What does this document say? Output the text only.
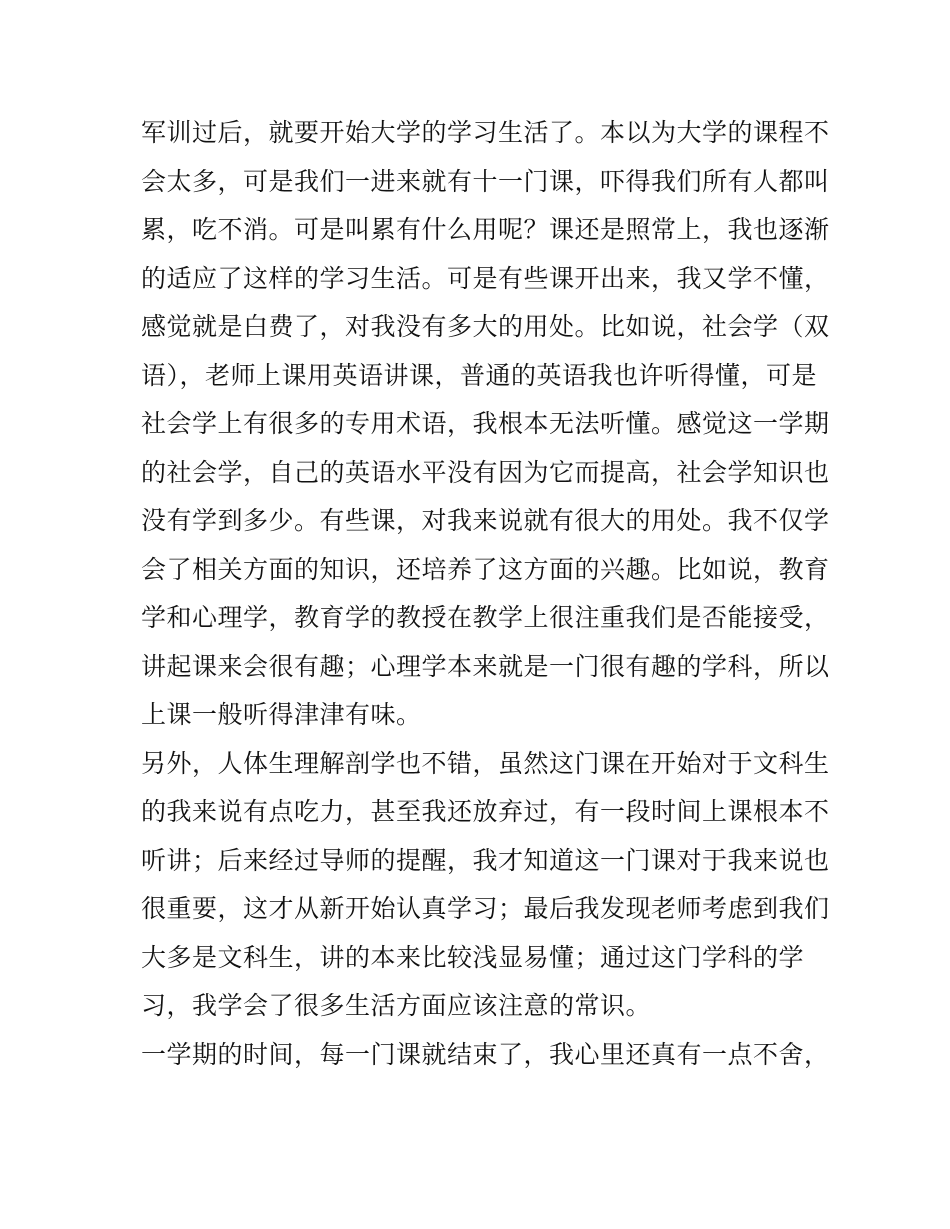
军训过后，就要开始大学的学习生活了。本以为大学的课程不
会太多，可是我们一进来就有十一门课，吓得我们所有人都叫
累，吃不消。可是叫累有什么用呢？课还是照常上，我也逐渐
的适应了这样的学习生活。可是有些课开出来，我又学不懂，
感觉就是白费了，对我没有多大的用处。比如说，社会学（双
语），老师上课用英语讲课，普通的英语我也许听得懂，可是
社会学上有很多的专用术语，我根本无法听懂。感觉这一学期
的社会学，自己的英语水平没有因为它而提高，社会学知识也
没有学到多少。有些课，对我来说就有很大的用处。我不仅学
会了相关方面的知识，还培养了这方面的兴趣。比如说，教育
学和心理学，教育学的教授在教学上很注重我们是否能接受，
讲起课来会很有趣；心理学本来就是一门很有趣的学科，所以
上课一般听得津津有味。
另外，人体生理解剖学也不错，虽然这门课在开始对于文科生
的我来说有点吃力，甚至我还放弃过，有一段时间上课根本不
听讲；后来经过导师的提醒，我才知道这一门课对于我来说也
很重要，这才从新开始认真学习；最后我发现老师考虑到我们
大多是文科生，讲的本来比较浅显易懂；通过这门学科的学
习，我学会了很多生活方面应该注意的常识。
一学期的时间，每一门课就结束了，我心里还真有一点不舍，
